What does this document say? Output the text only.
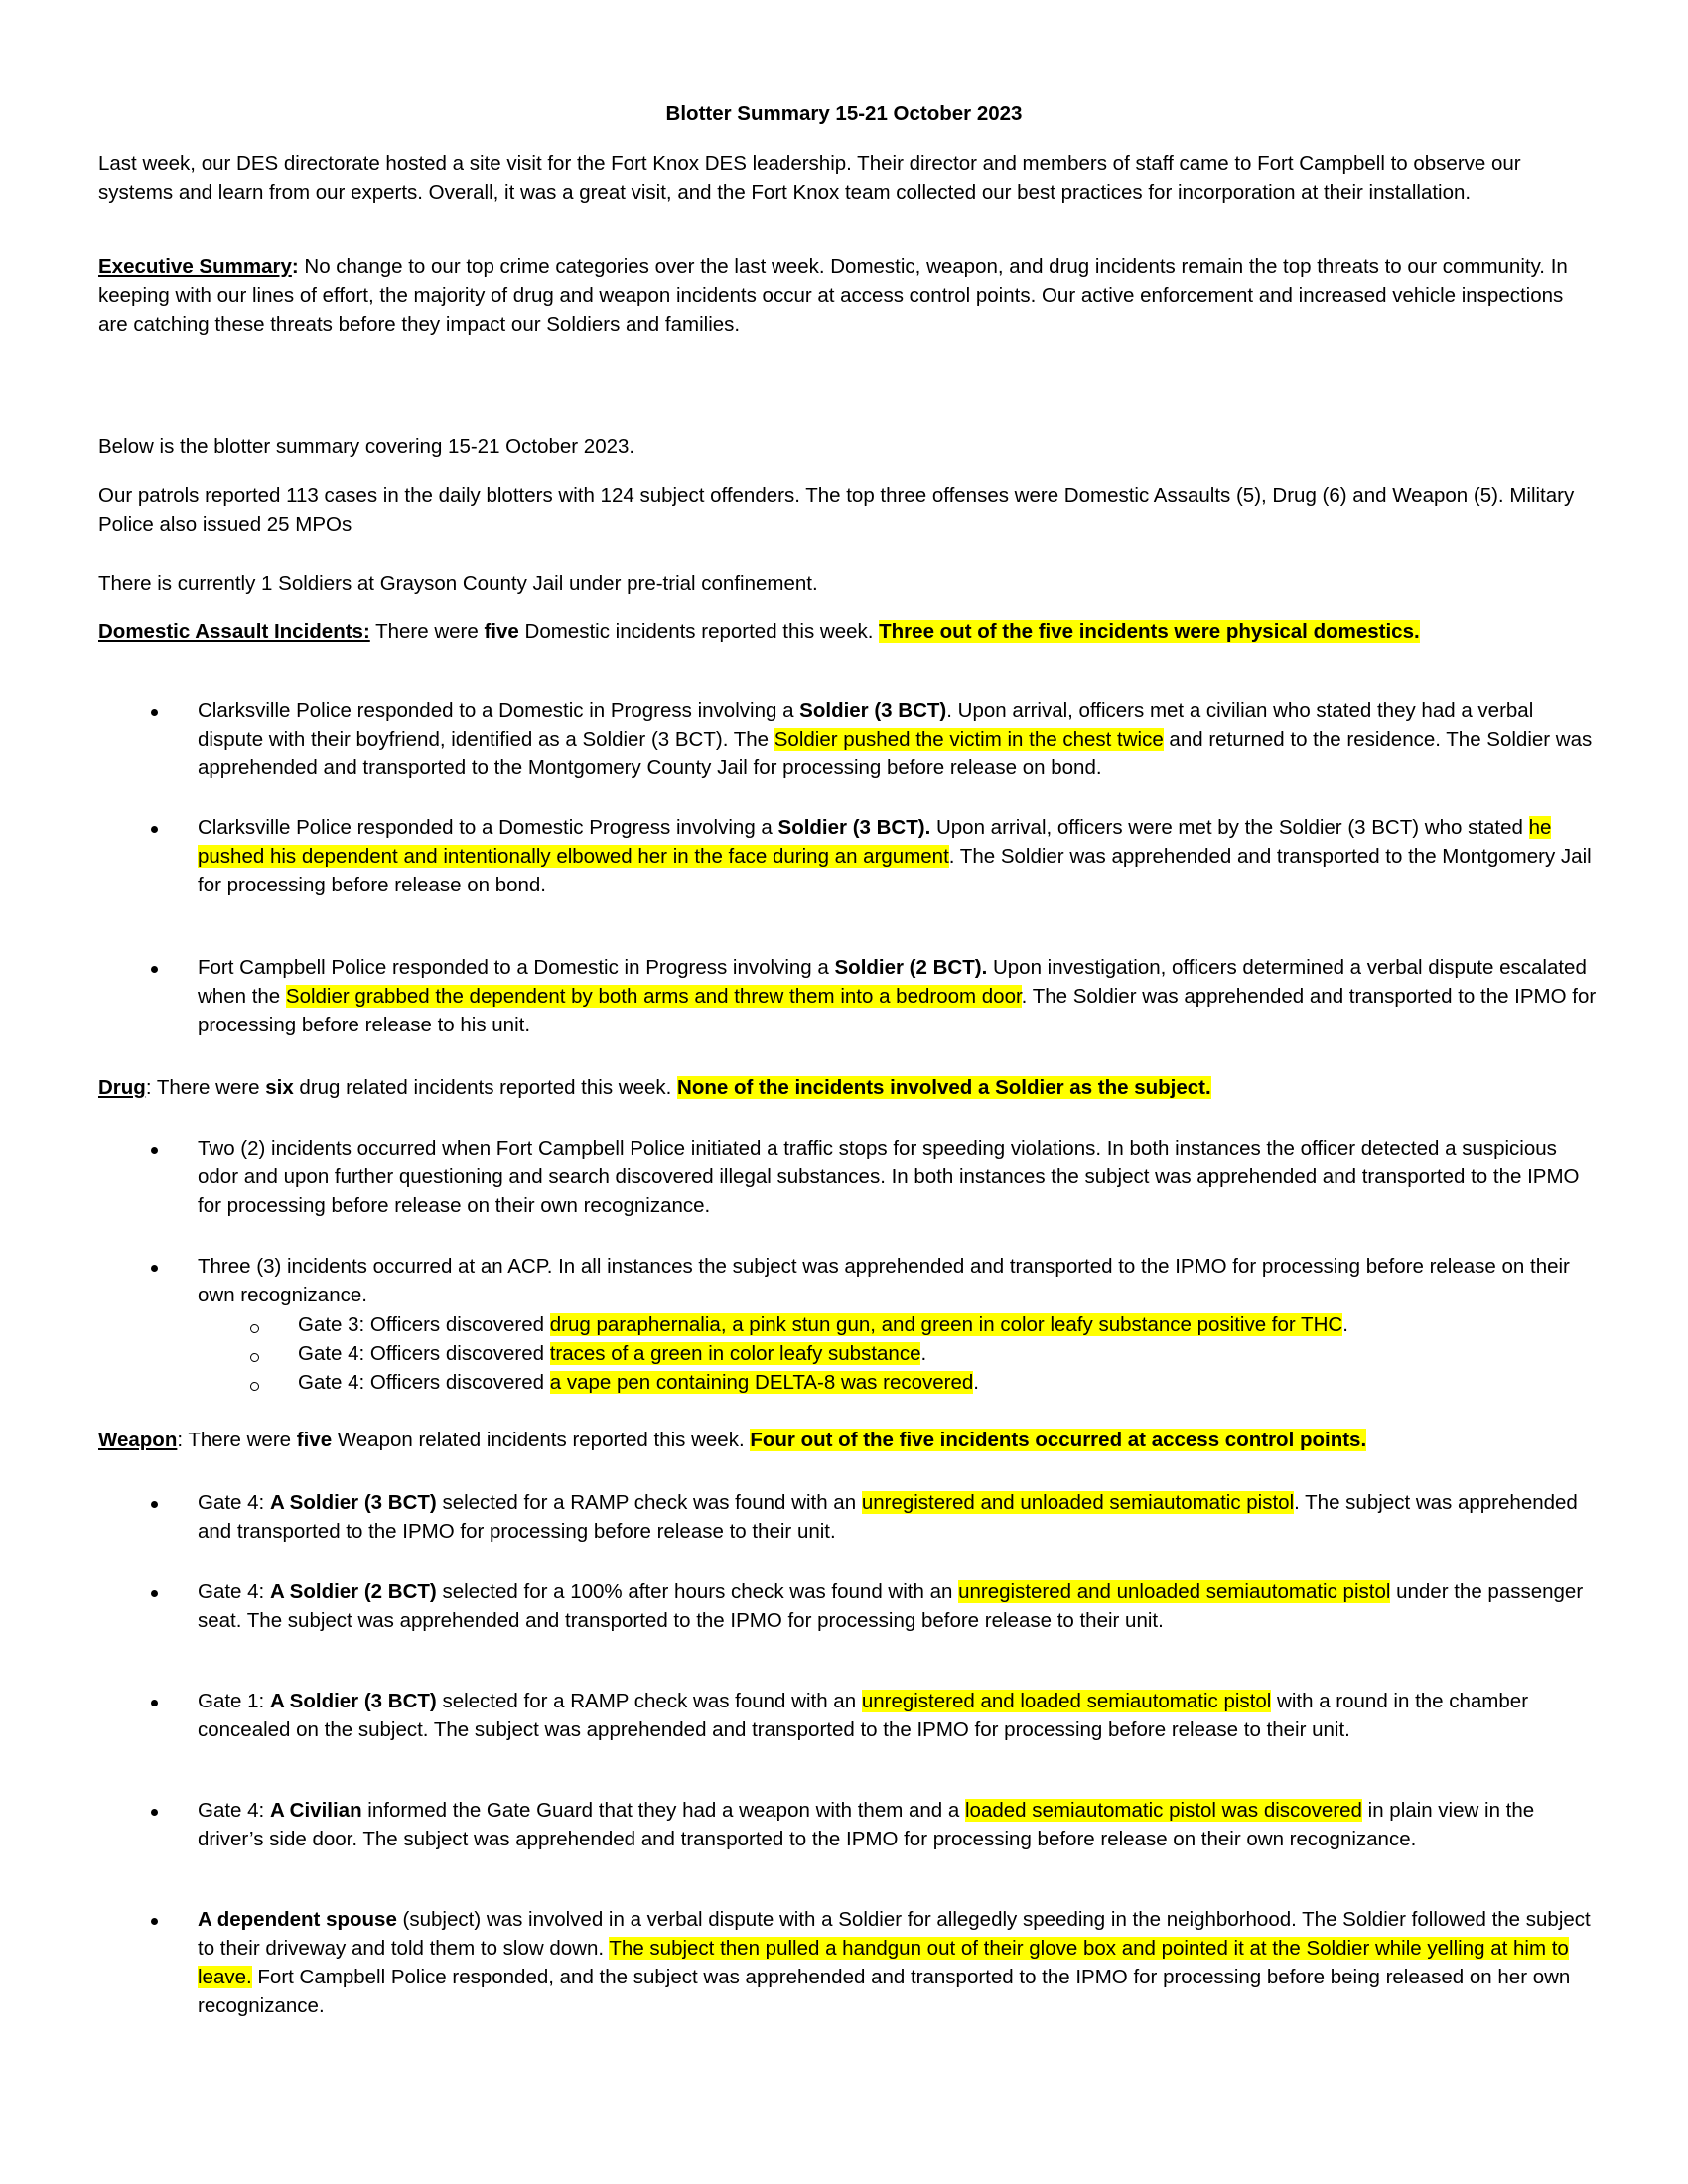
Blotter Summary 15-21 October 2023
Last week, our DES directorate hosted a site visit for the Fort Knox DES leadership. Their director and members of staff came to Fort Campbell to observe our systems and learn from our experts. Overall, it was a great visit, and the Fort Knox team collected our best practices for incorporation at their installation.
Executive Summary: No change to our top crime categories over the last week. Domestic, weapon, and drug incidents remain the top threats to our community. In keeping with our lines of effort, the majority of drug and weapon incidents occur at access control points. Our active enforcement and increased vehicle inspections are catching these threats before they impact our Soldiers and families.
Below is the blotter summary covering 15-21 October 2023.
Our patrols reported 113 cases in the daily blotters with 124 subject offenders. The top three offenses were Domestic Assaults (5), Drug (6) and Weapon (5). Military Police also issued 25 MPOs
There is currently 1 Soldiers at Grayson County Jail under pre-trial confinement.
Domestic Assault Incidents: There were five Domestic incidents reported this week. Three out of the five incidents were physical domestics.
Clarksville Police responded to a Domestic in Progress involving a Soldier (3 BCT). Upon arrival, officers met a civilian who stated they had a verbal dispute with their boyfriend, identified as a Soldier (3 BCT). The Soldier pushed the victim in the chest twice and returned to the residence. The Soldier was apprehended and transported to the Montgomery County Jail for processing before release on bond.
Clarksville Police responded to a Domestic Progress involving a Soldier (3 BCT). Upon arrival, officers were met by the Soldier (3 BCT) who stated he pushed his dependent and intentionally elbowed her in the face during an argument. The Soldier was apprehended and transported to the Montgomery Jail for processing before release on bond.
Fort Campbell Police responded to a Domestic in Progress involving a Soldier (2 BCT). Upon investigation, officers determined a verbal dispute escalated when the Soldier grabbed the dependent by both arms and threw them into a bedroom door. The Soldier was apprehended and transported to the IPMO for processing before release to his unit.
Drug: There were six drug related incidents reported this week. None of the incidents involved a Soldier as the subject.
Two (2) incidents occurred when Fort Campbell Police initiated a traffic stops for speeding violations. In both instances the officer detected a suspicious odor and upon further questioning and search discovered illegal substances. In both instances the subject was apprehended and transported to the IPMO for processing before release on their own recognizance.
Three (3) incidents occurred at an ACP. In all instances the subject was apprehended and transported to the IPMO for processing before release on their own recognizance.
Gate 3: Officers discovered drug paraphernalia, a pink stun gun, and green in color leafy substance positive for THC.
Gate 4: Officers discovered traces of a green in color leafy substance.
Gate 4: Officers discovered a vape pen containing DELTA-8 was recovered.
Weapon: There were five Weapon related incidents reported this week. Four out of the five incidents occurred at access control points.
Gate 4: A Soldier (3 BCT) selected for a RAMP check was found with an unregistered and unloaded semiautomatic pistol. The subject was apprehended and transported to the IPMO for processing before release to their unit.
Gate 4: A Soldier (2 BCT) selected for a 100% after hours check was found with an unregistered and unloaded semiautomatic pistol under the passenger seat. The subject was apprehended and transported to the IPMO for processing before release to their unit.
Gate 1: A Soldier (3 BCT) selected for a RAMP check was found with an unregistered and loaded semiautomatic pistol with a round in the chamber concealed on the subject. The subject was apprehended and transported to the IPMO for processing before release to their unit.
Gate 4: A Civilian informed the Gate Guard that they had a weapon with them and a loaded semiautomatic pistol was discovered in plain view in the driver’s side door. The subject was apprehended and transported to the IPMO for processing before release on their own recognizance.
A dependent spouse (subject) was involved in a verbal dispute with a Soldier for allegedly speeding in the neighborhood. The Soldier followed the subject to their driveway and told them to slow down. The subject then pulled a handgun out of their glove box and pointed it at the Soldier while yelling at him to leave. Fort Campbell Police responded, and the subject was apprehended and transported to the IPMO for processing before being released on her own recognizance.
